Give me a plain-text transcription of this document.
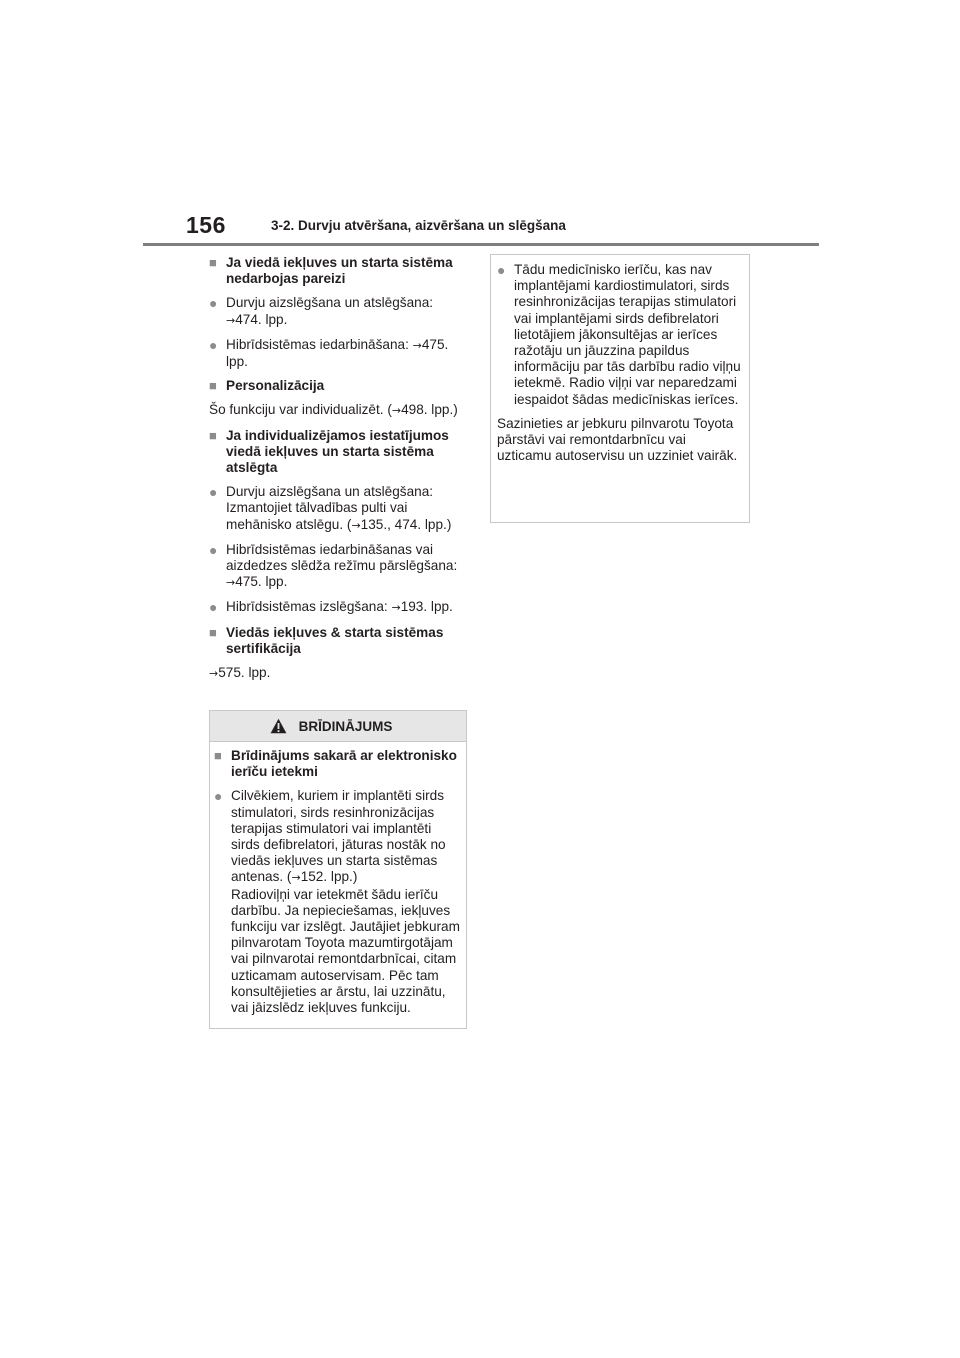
156	3-2. Durvju atvēršana, aizvēršana un slēgšana
■ Ja viedā iekļuves un starta sistēma nedarbojas pareizi
● Durvju aizslēgšana un atslēgšana:
→474. lpp.
● Hibrīdsistēmas iedarbināšana: →475. lpp.
■ Personalizācija
Šo funkciju var individualizēt. (→498. lpp.)
■ Ja individualizējamos iestatījumos viedā iekļuves un starta sistēma atslēgta
● Durvju aizslēgšana un atslēgšana: Izmantojiet tālvadības pulti vai mehānisko atslēgu. (→135., 474. lpp.)
● Hibrīdsistēmas iedarbināšanas vai aizdedzes slēdža režīmu pārslēgšana: →475. lpp.
● Hibrīdsistēmas izslēgšana: →193. lpp.
■ Viedās iekļuves & starta sistēmas sertifikācija
→575. lpp.
BRĪDINĀJUMS
■ Brīdinājums sakarā ar elektronisko ierīču ietekmi
● Cilvēkiem, kuriem ir implantēti sirds stimulatori, sirds resinhronizācijas terapijas stimulatori vai implantēti sirds defibrelatori, jāturas nostāk no viedās iekļuves un starta sistēmas antenas. (→152. lpp.)
Radioviļņi var ietekmēt šādu ierīču darbību. Ja nepieciešamas, iekļuves funkciju var izslēgt. Jautājiet jebkuram pilnvarotam Toyota mazumtirgotājam vai pilnvarotai remontdarbnīcai, citam uzticamam autoservisam. Pēc tam konsultējieties ar ārstu, lai uzzinātu, vai jāizslēdz iekļuves funkciju.
● Tādu medicīnisko ierīču, kas nav implantējami kardiostimulatori, sirds resinhronizācijas terapijas stimulatori vai implantējami sirds defibrelatori lietotājiem jākonsultējas ar ierīces ražotāju un jāuzzina papildus informāciju par tās darbību radio viļņu ietekmē. Radio viļņi var neparedzami iespaidot šādas medicīniskas ierīces.
Sazinieties ar jebkuru pilnvarotu Toyota pārstāvi vai remontdarbnīcu vai uzticamu autoservisu un uzziniet vairāk.
